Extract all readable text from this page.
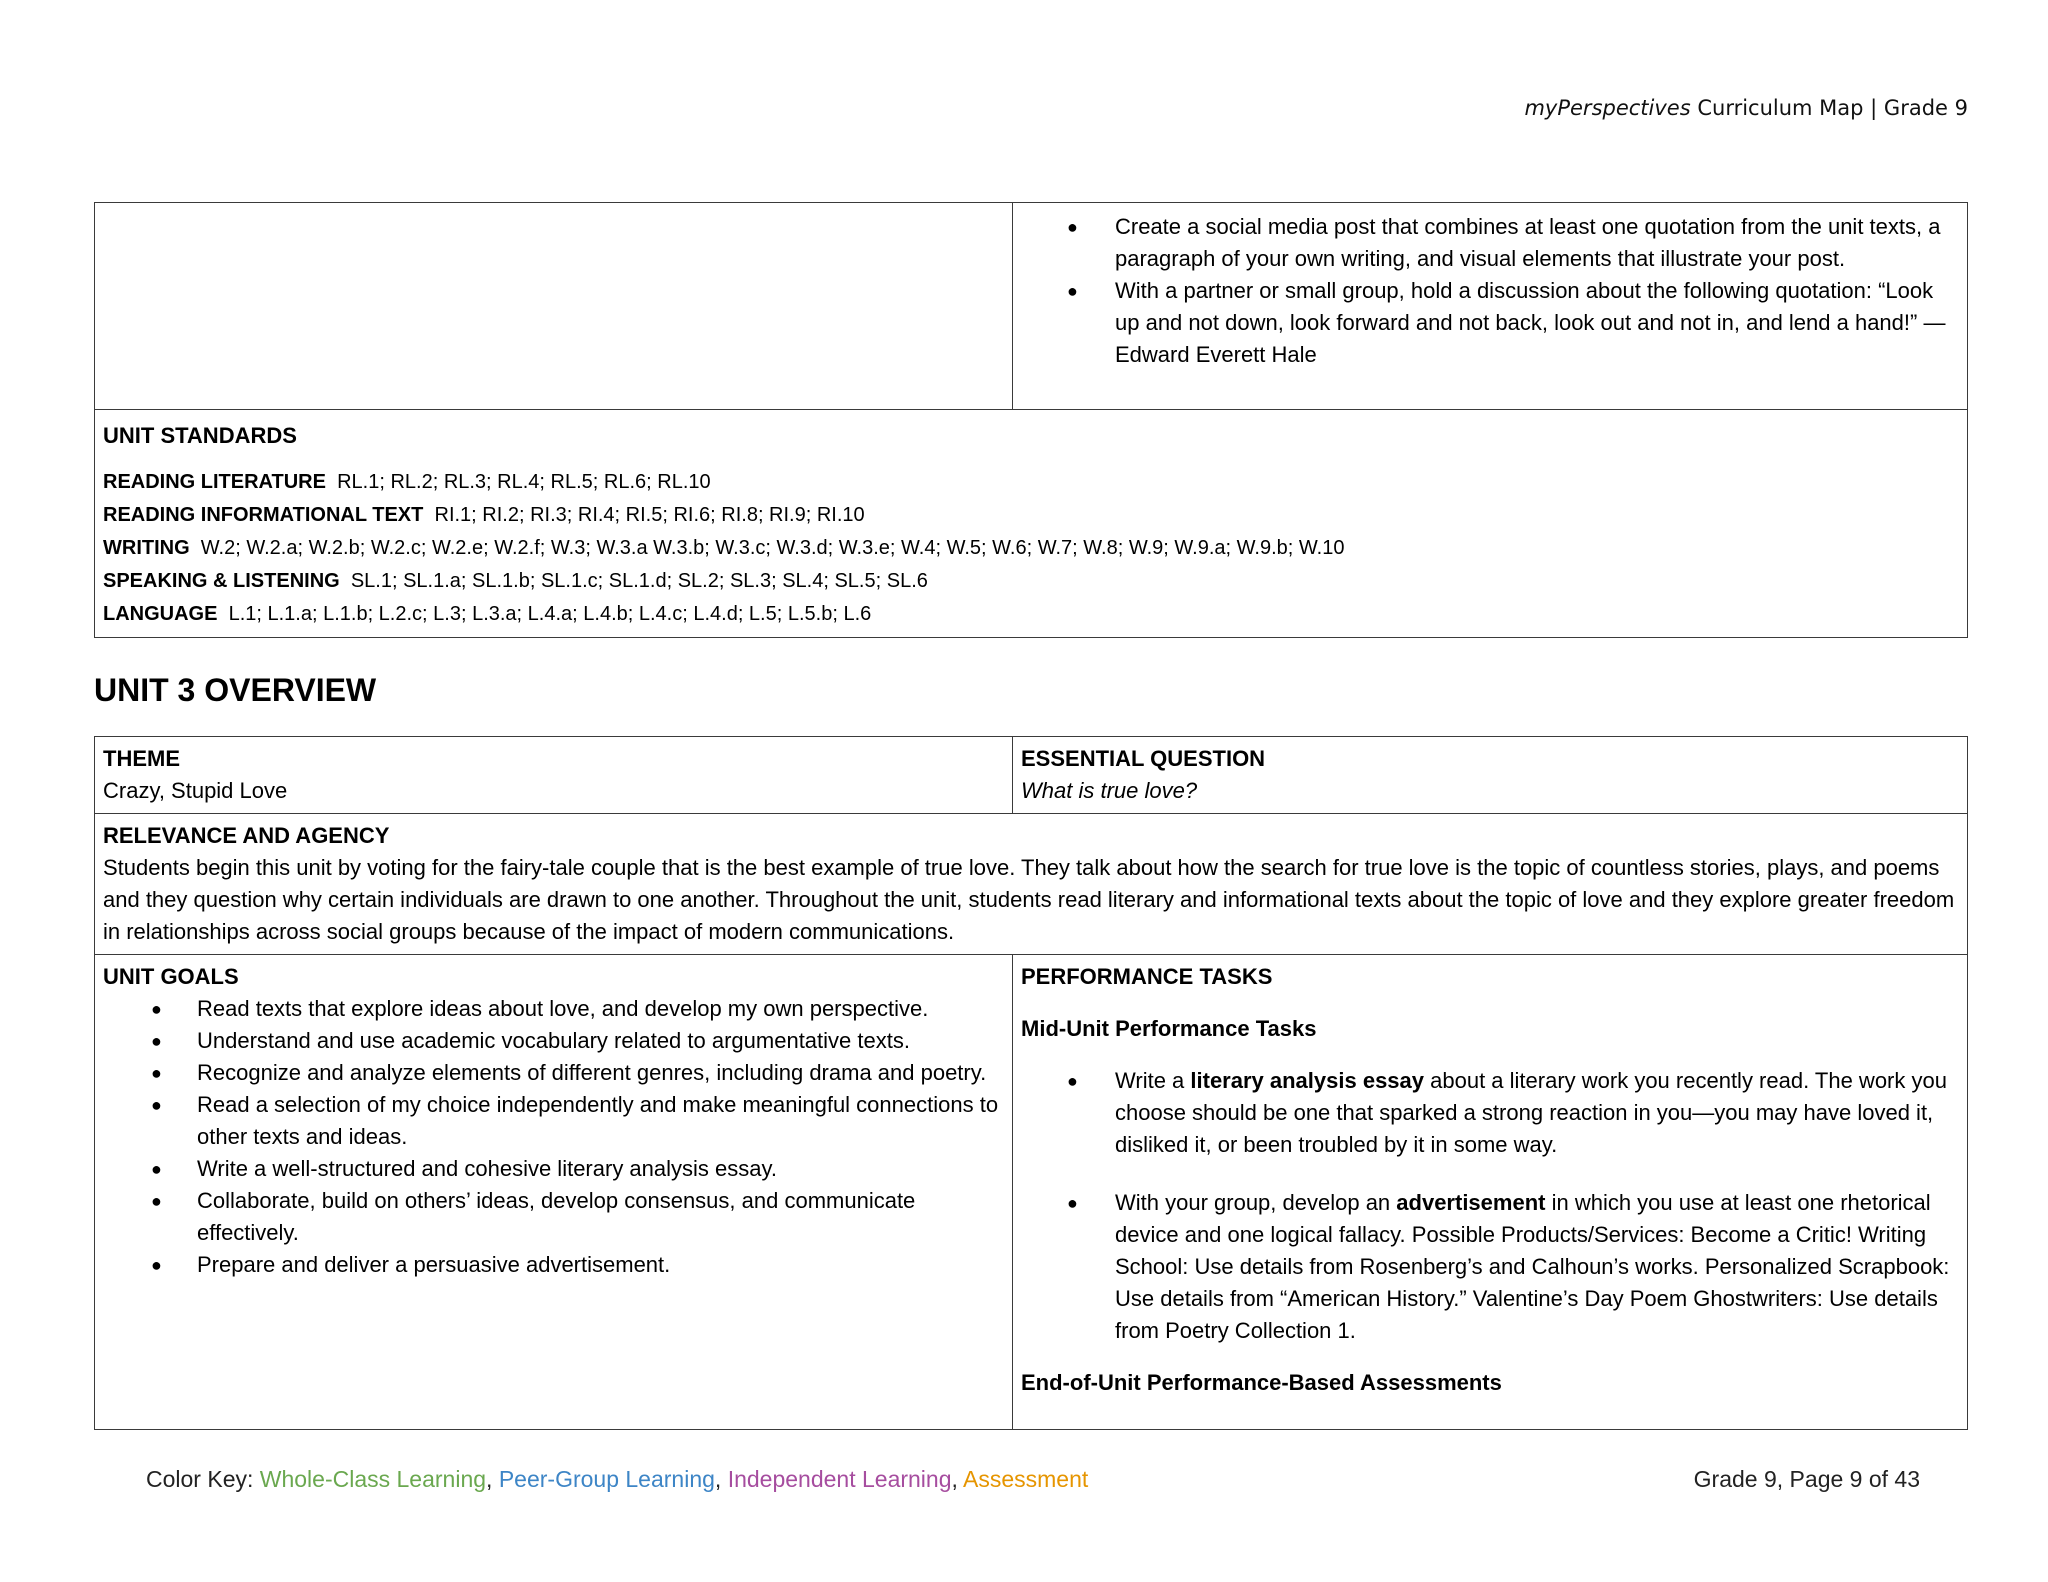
myPerspectives Curriculum Map | Grade 9
● Create a social media post that combines at least one quotation from the unit texts, a paragraph of your own writing, and visual elements that illustrate your post.
● With a partner or small group, hold a discussion about the following quotation: “Look up and not down, look forward and not back, look out and not in, and lend a hand!” —Edward Everett Hale
UNIT STANDARDS
READING LITERATURE RL.1; RL.2; RL.3; RL.4; RL.5; RL.6; RL.10
READING INFORMATIONAL TEXT RI.1; RI.2; RI.3; RI.4; RI.5; RI.6; RI.8; RI.9; RI.10
WRITING W.2; W.2.a; W.2.b; W.2.c; W.2.e; W.2.f; W.3; W.3.a W.3.b; W.3.c; W.3.d; W.3.e; W.4; W.5; W.6; W.7; W.8; W.9; W.9.a; W.9.b; W.10
SPEAKING & LISTENING SL.1; SL.1.a; SL.1.b; SL.1.c; SL.1.d; SL.2; SL.3; SL.4; SL.5; SL.6
LANGUAGE L.1; L.1.a; L.1.b; L.2.c; L.3; L.3.a; L.4.a; L.4.b; L.4.c; L.4.d; L.5; L.5.b; L.6
UNIT 3 OVERVIEW
THEME
Crazy, Stupid Love
ESSENTIAL QUESTION
What is true love?
RELEVANCE AND AGENCY
Students begin this unit by voting for the fairy-tale couple that is the best example of true love. They talk about how the search for true love is the topic of countless stories, plays, and poems and they question why certain individuals are drawn to one another. Throughout the unit, students read literary and informational texts about the topic of love and they explore greater freedom in relationships across social groups because of the impact of modern communications.
UNIT GOALS
● Read texts that explore ideas about love, and develop my own perspective.
● Understand and use academic vocabulary related to argumentative texts.
● Recognize and analyze elements of different genres, including drama and poetry.
● Read a selection of my choice independently and make meaningful connections to other texts and ideas.
● Write a well-structured and cohesive literary analysis essay.
● Collaborate, build on others’ ideas, develop consensus, and communicate effectively.
● Prepare and deliver a persuasive advertisement.
PERFORMANCE TASKS
Mid-Unit Performance Tasks
● Write a literary analysis essay about a literary work you recently read. The work you choose should be one that sparked a strong reaction in you—you may have loved it, disliked it, or been troubled by it in some way.
● With your group, develop an advertisement in which you use at least one rhetorical device and one logical fallacy. Possible Products/Services: Become a Critic! Writing School: Use details from Rosenberg’s and Calhoun’s works. Personalized Scrapbook: Use details from “American History.” Valentine’s Day Poem Ghostwriters: Use details from Poetry Collection 1.
End-of-Unit Performance-Based Assessments
Color Key: Whole-Class Learning, Peer-Group Learning, Independent Learning, Assessment	Grade 9, Page 9 of 43
